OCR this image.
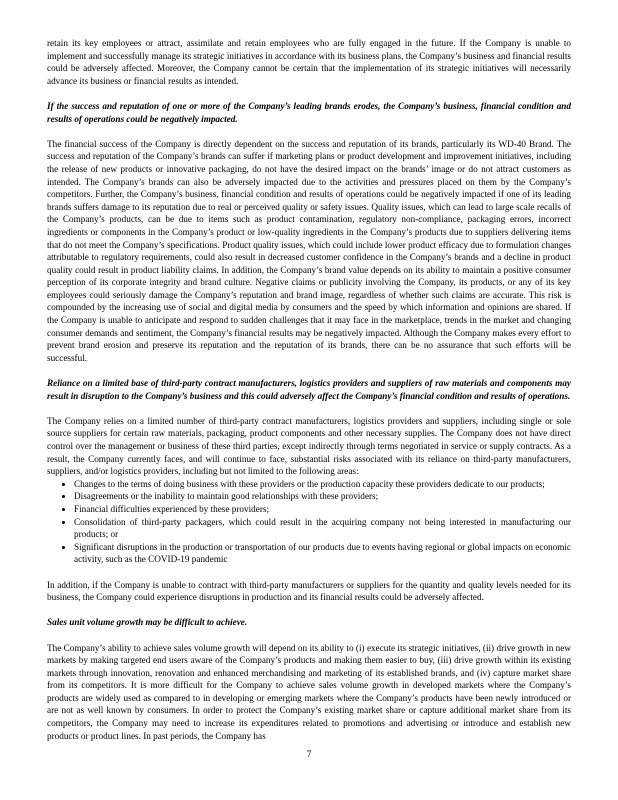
retain its key employees or attract, assimilate and retain employees who are fully engaged in the future. If the Company is unable to implement and successfully manage its strategic initiatives in accordance with its business plans, the Company’s business and financial results could be adversely affected. Moreover, the Company cannot be certain that the implementation of its strategic initiatives will necessarily advance its business or financial results as intended.

If the success and reputation of one or more of the Company’s leading brands erodes, the Company’s business, financial condition and results of operations could be negatively impacted.

The financial success of the Company is directly dependent on the success and reputation of its brands, particularly its WD-40 Brand. The success and reputation of the Company’s brands can suffer if marketing plans or product development and improvement initiatives, including the release of new products or innovative packaging, do not have the desired impact on the brands’ image or do not attract customers as intended. The Company’s brands can also be adversely impacted due to the activities and pressures placed on them by the Company’s competitors. Further, the Company’s business, financial condition and results of operations could be negatively impacted if one of its leading brands suffers damage to its reputation due to real or perceived quality or safety issues. Quality issues, which can lead to large scale recalls of the Company’s products, can be due to items such as product contamination, regulatory non-compliance, packaging errors, incorrect ingredients or components in the Company’s product or low-quality ingredients in the Company’s products due to suppliers delivering items that do not meet the Company’s specifications. Product quality issues, which could include lower product efficacy due to formulation changes attributable to regulatory requirements, could also result in decreased customer confidence in the Company’s brands and a decline in product quality could result in product liability claims. In addition, the Company’s brand value depends on its ability to maintain a positive consumer perception of its corporate integrity and brand culture. Negative claims or publicity involving the Company, its products, or any of its key employees could seriously damage the Company’s reputation and brand image, regardless of whether such claims are accurate. This risk is compounded by the increasing use of social and digital media by consumers and the speed by which information and opinions are shared. If the Company is unable to anticipate and respond to sudden challenges that it may face in the marketplace, trends in the market and changing consumer demands and sentiment, the Company’s financial results may be negatively impacted. Although the Company makes every effort to prevent brand erosion and preserve its reputation and the reputation of its brands, there can be no assurance that such efforts will be successful.

Reliance on a limited base of third-party contract manufacturers, logistics providers and suppliers of raw materials and components may result in disruption to the Company’s business and this could adversely affect the Company’s financial condition and results of operations.

The Company relies on a limited number of third-party contract manufacturers, logistics providers and suppliers, including single or sole source suppliers for certain raw materials, packaging, product components and other necessary supplies. The Company does not have direct control over the management or business of these third parties, except indirectly through terms negotiated in service or supply contracts. As a result, the Company currently faces, and will continue to face, substantial risks associated with its reliance on third-party manufacturers, suppliers, and/or logistics providers, including but not limited to the following areas:

• Changes to the terms of doing business with these providers or the production capacity these providers dedicate to our products;
• Disagreements or the inability to maintain good relationships with these providers;
• Financial difficulties experienced by these providers;
• Consolidation of third-party packagers, which could result in the acquiring company not being interested in manufacturing our products; or
• Significant disruptions in the production or transportation of our products due to events having regional or global impacts on economic activity, such as the COVID-19 pandemic

In addition, if the Company is unable to contract with third-party manufacturers or suppliers for the quantity and quality levels needed for its business, the Company could experience disruptions in production and its financial results could be adversely affected.

Sales unit volume growth may be difficult to achieve.

The Company’s ability to achieve sales volume growth will depend on its ability to (i) execute its strategic initiatives, (ii) drive growth in new markets by making targeted end users aware of the Company’s products and making them easier to buy, (iii) drive growth within its existing markets through innovation, renovation and enhanced merchandising and marketing of its established brands, and (iv) capture market share from its competitors. It is more difficult for the Company to achieve sales volume growth in developed markets where the Company’s products are widely used as compared to in developing or emerging markets where the Company’s products have been newly introduced or are not as well known by consumers. In order to protect the Company’s existing market share or capture additional market share from its competitors, the Company may need to increase its expenditures related to promotions and advertising or introduce and establish new products or product lines. In past periods, the Company has

7
